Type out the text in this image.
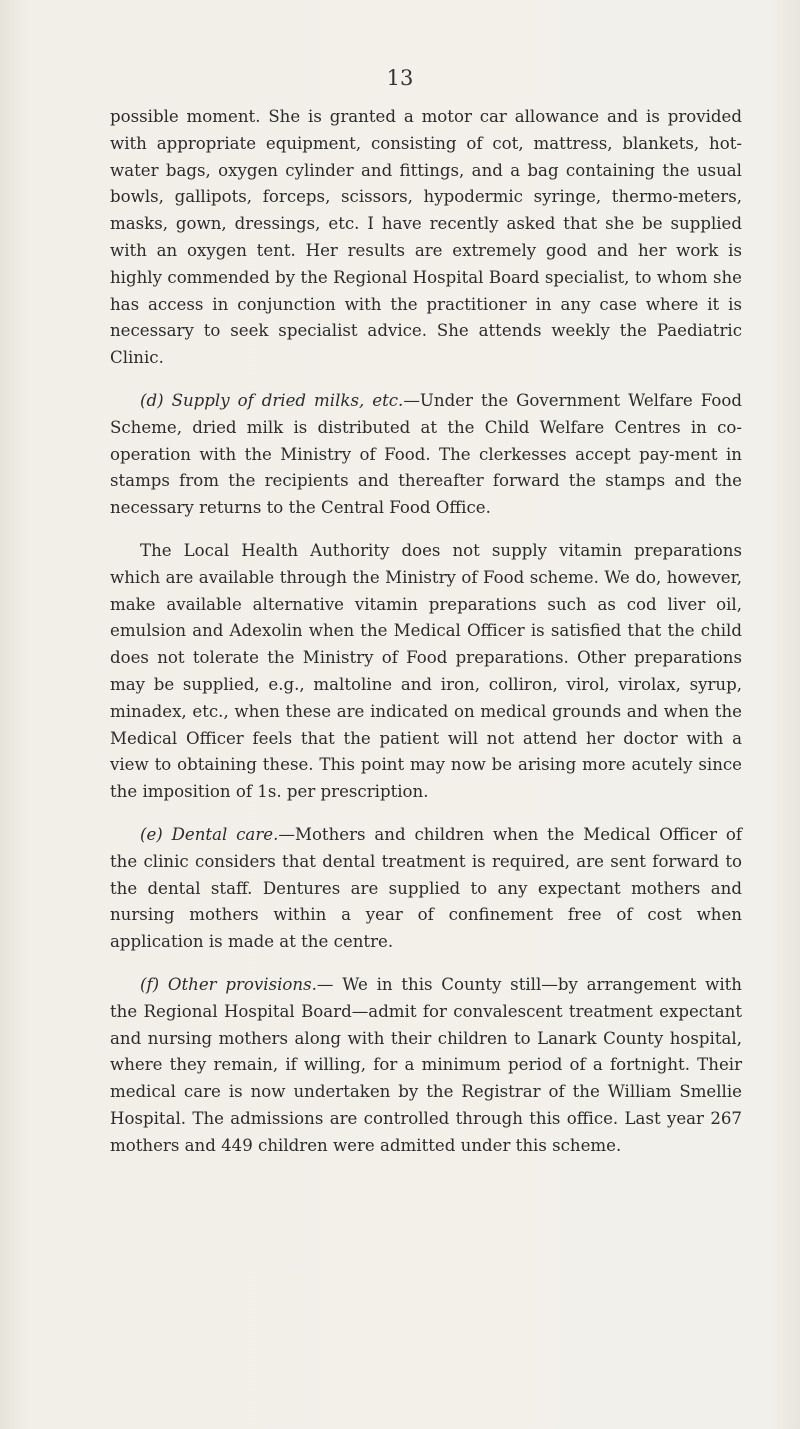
13

possible moment. She is granted a motor car allowance and is provided with appropriate equipment, consisting of cot, mattress, blankets, hot-water bags, oxygen cylinder and fittings, and a bag containing the usual bowls, gallipots, forceps, scissors, hypodermic syringe, thermo-meters, masks, gown, dressings, etc. I have recently asked that she be supplied with an oxygen tent. Her results are extremely good and her work is highly commended by the Regional Hospital Board specialist, to whom she has access in conjunction with the practitioner in any case where it is necessary to seek specialist advice. She attends weekly the Paediatric Clinic.

(d) Supply of dried milks, etc.—Under the Government Welfare Food Scheme, dried milk is distributed at the Child Welfare Centres in co-operation with the Ministry of Food. The clerkesses accept pay-ment in stamps from the recipients and thereafter forward the stamps and the necessary returns to the Central Food Office.

The Local Health Authority does not supply vitamin preparations which are available through the Ministry of Food scheme. We do, however, make available alternative vitamin preparations such as cod liver oil, emulsion and Adexolin when the Medical Officer is satisfied that the child does not tolerate the Ministry of Food preparations. Other preparations may be supplied, e.g., maltoline and iron, colliron, virol, virolax, syrup, minadex, etc., when these are indicated on medical grounds and when the Medical Officer feels that the patient will not attend her doctor with a view to obtaining these. This point may now be arising more acutely since the imposition of 1s. per prescription.

(e) Dental care.—Mothers and children when the Medical Officer of the clinic considers that dental treatment is required, are sent forward to the dental staff. Dentures are supplied to any expectant mothers and nursing mothers within a year of confinement free of cost when application is made at the centre.

(f) Other provisions.— We in this County still—by arrangement with the Regional Hospital Board—admit for convalescent treatment expectant and nursing mothers along with their children to Lanark County hospital, where they remain, if willing, for a minimum period of a fortnight. Their medical care is now undertaken by the Registrar of the William Smellie Hospital. The admissions are controlled through this office. Last year 267 mothers and 449 children were admitted under this scheme.
